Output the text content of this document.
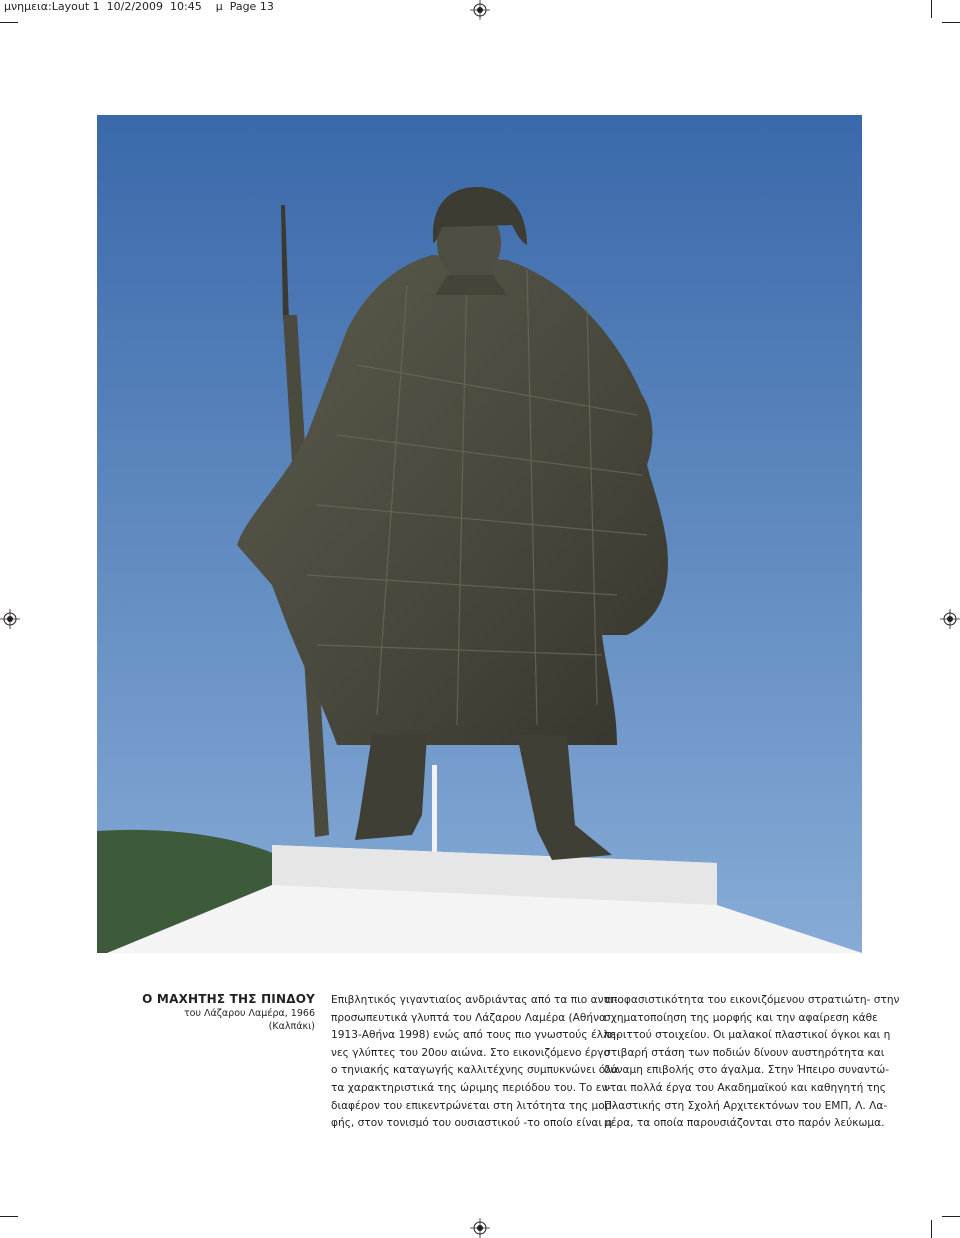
μνημεια:Layout 1  10/2/2009  10:45    μ  Page 13
Ο ΜΑΧΗΤΗΣ ΤΗΣ ΠΙΝΔΟΥ
του Λάζαρου Λαμέρα, 1966
(Καλπάκι)
Επιβλητικός γιγαντιαίος ανδριάντας από τα πιο αντι-
προσωπευτικά γλυπτά του Λάζαρου Λαμέρα (Αθήνα
1913-Αθήνα 1998) ενώς από τους πιο γνωστούς έλλη-
νες γλύπτες του 20ου αιώνα. Στο εικονιζόμενο έργο
ο τηνιακής καταγωγής καλλιτέχνης συμπυκνώνει όλα
τα χαρακτηριστικά της ώριμης περιόδου του. Το εν-
διαφέρον του επικεντρώνεται στη λιτότητα της μορ-
φής, στον τονισμό του ουσιαστικού -το οποίο είναι η
αποφασιστικότητα του εικονιζόμενου στρατιώτη- στην
σχηματοποίηση της μορφής και την αφαίρεση κάθε
περιττού στοιχείου. Οι μαλακοί πλαστικοί όγκοι και η
στιβαρή στάση των ποδιών δίνουν αυστηρότητα και
δύναμη επιβολής στο άγαλμα. Στην Ήπειρο συναντώ-
νται πολλά έργα του Ακαδημαϊκού και καθηγητή της
Πλαστικής στη Σχολή Αρχιτεκτόνων του ΕΜΠ, Λ. Λα-
μέρα, τα οποία παρουσιάζονται στο παρόν λεύκωμα.
